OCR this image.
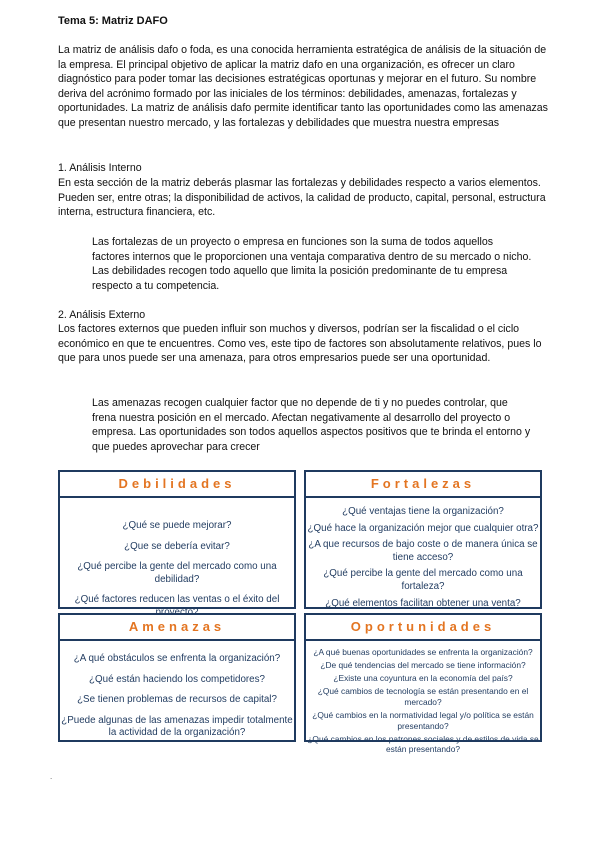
Tema 5: Matriz DAFO

La matriz de análisis dafo o foda, es una conocida herramienta estratégica de análisis de la situación de la empresa. El principal objetivo de aplicar la matriz dafo en una organización, es ofrecer un claro diagnóstico para poder tomar las decisiones estratégicas oportunas y mejorar en el futuro. Su nombre deriva del acrónimo formado por las iniciales de los términos: debilidades, amenazas, fortalezas y oportunidades. La matriz de análisis dafo permite identificar tanto las oportunidades como las amenazas que presentan nuestro mercado, y las fortalezas y debilidades que muestra nuestra empresas

1. Análisis Interno

En esta sección de la matriz deberás plasmar las fortalezas y debilidades respecto a varios elementos. Pueden ser, entre otras; la disponibilidad de activos, la calidad de producto, capital, personal, estructura interna, estructura financiera, etc.

Las fortalezas de un proyecto o empresa en funciones son la suma de todos aquellos factores internos que le proporcionen una ventaja comparativa dentro de su mercado o nicho. Las debilidades recogen todo aquello que limita la posición predominante de tu empresa respecto a tu competencia.

2. Análisis Externo

Los factores externos que pueden influir son muchos y diversos, podrían ser la fiscalidad o el ciclo económico en que te encuentres. Como ves, este tipo de factores son absolutamente relativos, pues lo que para unos puede ser una amenaza, para otros empresarios puede ser una oportunidad.

Las amenazas recogen cualquier factor que no depende de ti y no puedes controlar, que frena nuestra posición en el mercado. Afectan negativamente al desarrollo del proyecto o empresa. Las oportunidades son todos aquellos aspectos positivos que te brinda el entorno y que puedes aprovechar para crecer

Debilidades
¿Qué se puede mejorar?
¿Que se debería evitar?
¿Qué percibe la gente del mercado como una debilidad?
¿Qué factores reducen las ventas o el éxito del
Fortalezas
¿Qué ventajas tiene la organización?
¿Qué hace la organización mejor que cualquier otra?
¿A que recursos de bajo coste o de manera única se tiene acceso?
¿Qué percibe la gente del mercado como una fortaleza?
¿Qué elementos facilitan obtener una venta?
Amenazas
¿A qué obstáculos se enfrenta la organización?
¿Qué están haciendo los competidores?
¿Se tienen problemas de recursos de capital?
¿Puede algunas de las amenazas impedir totalmente la actividad de la organización?
Oportunidades
¿A qué buenas oportunidades se enfrenta la organización?
¿De qué tendencias del mercado se tiene información?
¿Existe una coyuntura en la economía del país?
¿Qué cambios de tecnología se están presentando en el mercado?
¿Qué cambios en la normatividad legal y/o política se están presentando?
¿Qué cambios en los patrones sociales y de estilos de vida se están presentando?
.
